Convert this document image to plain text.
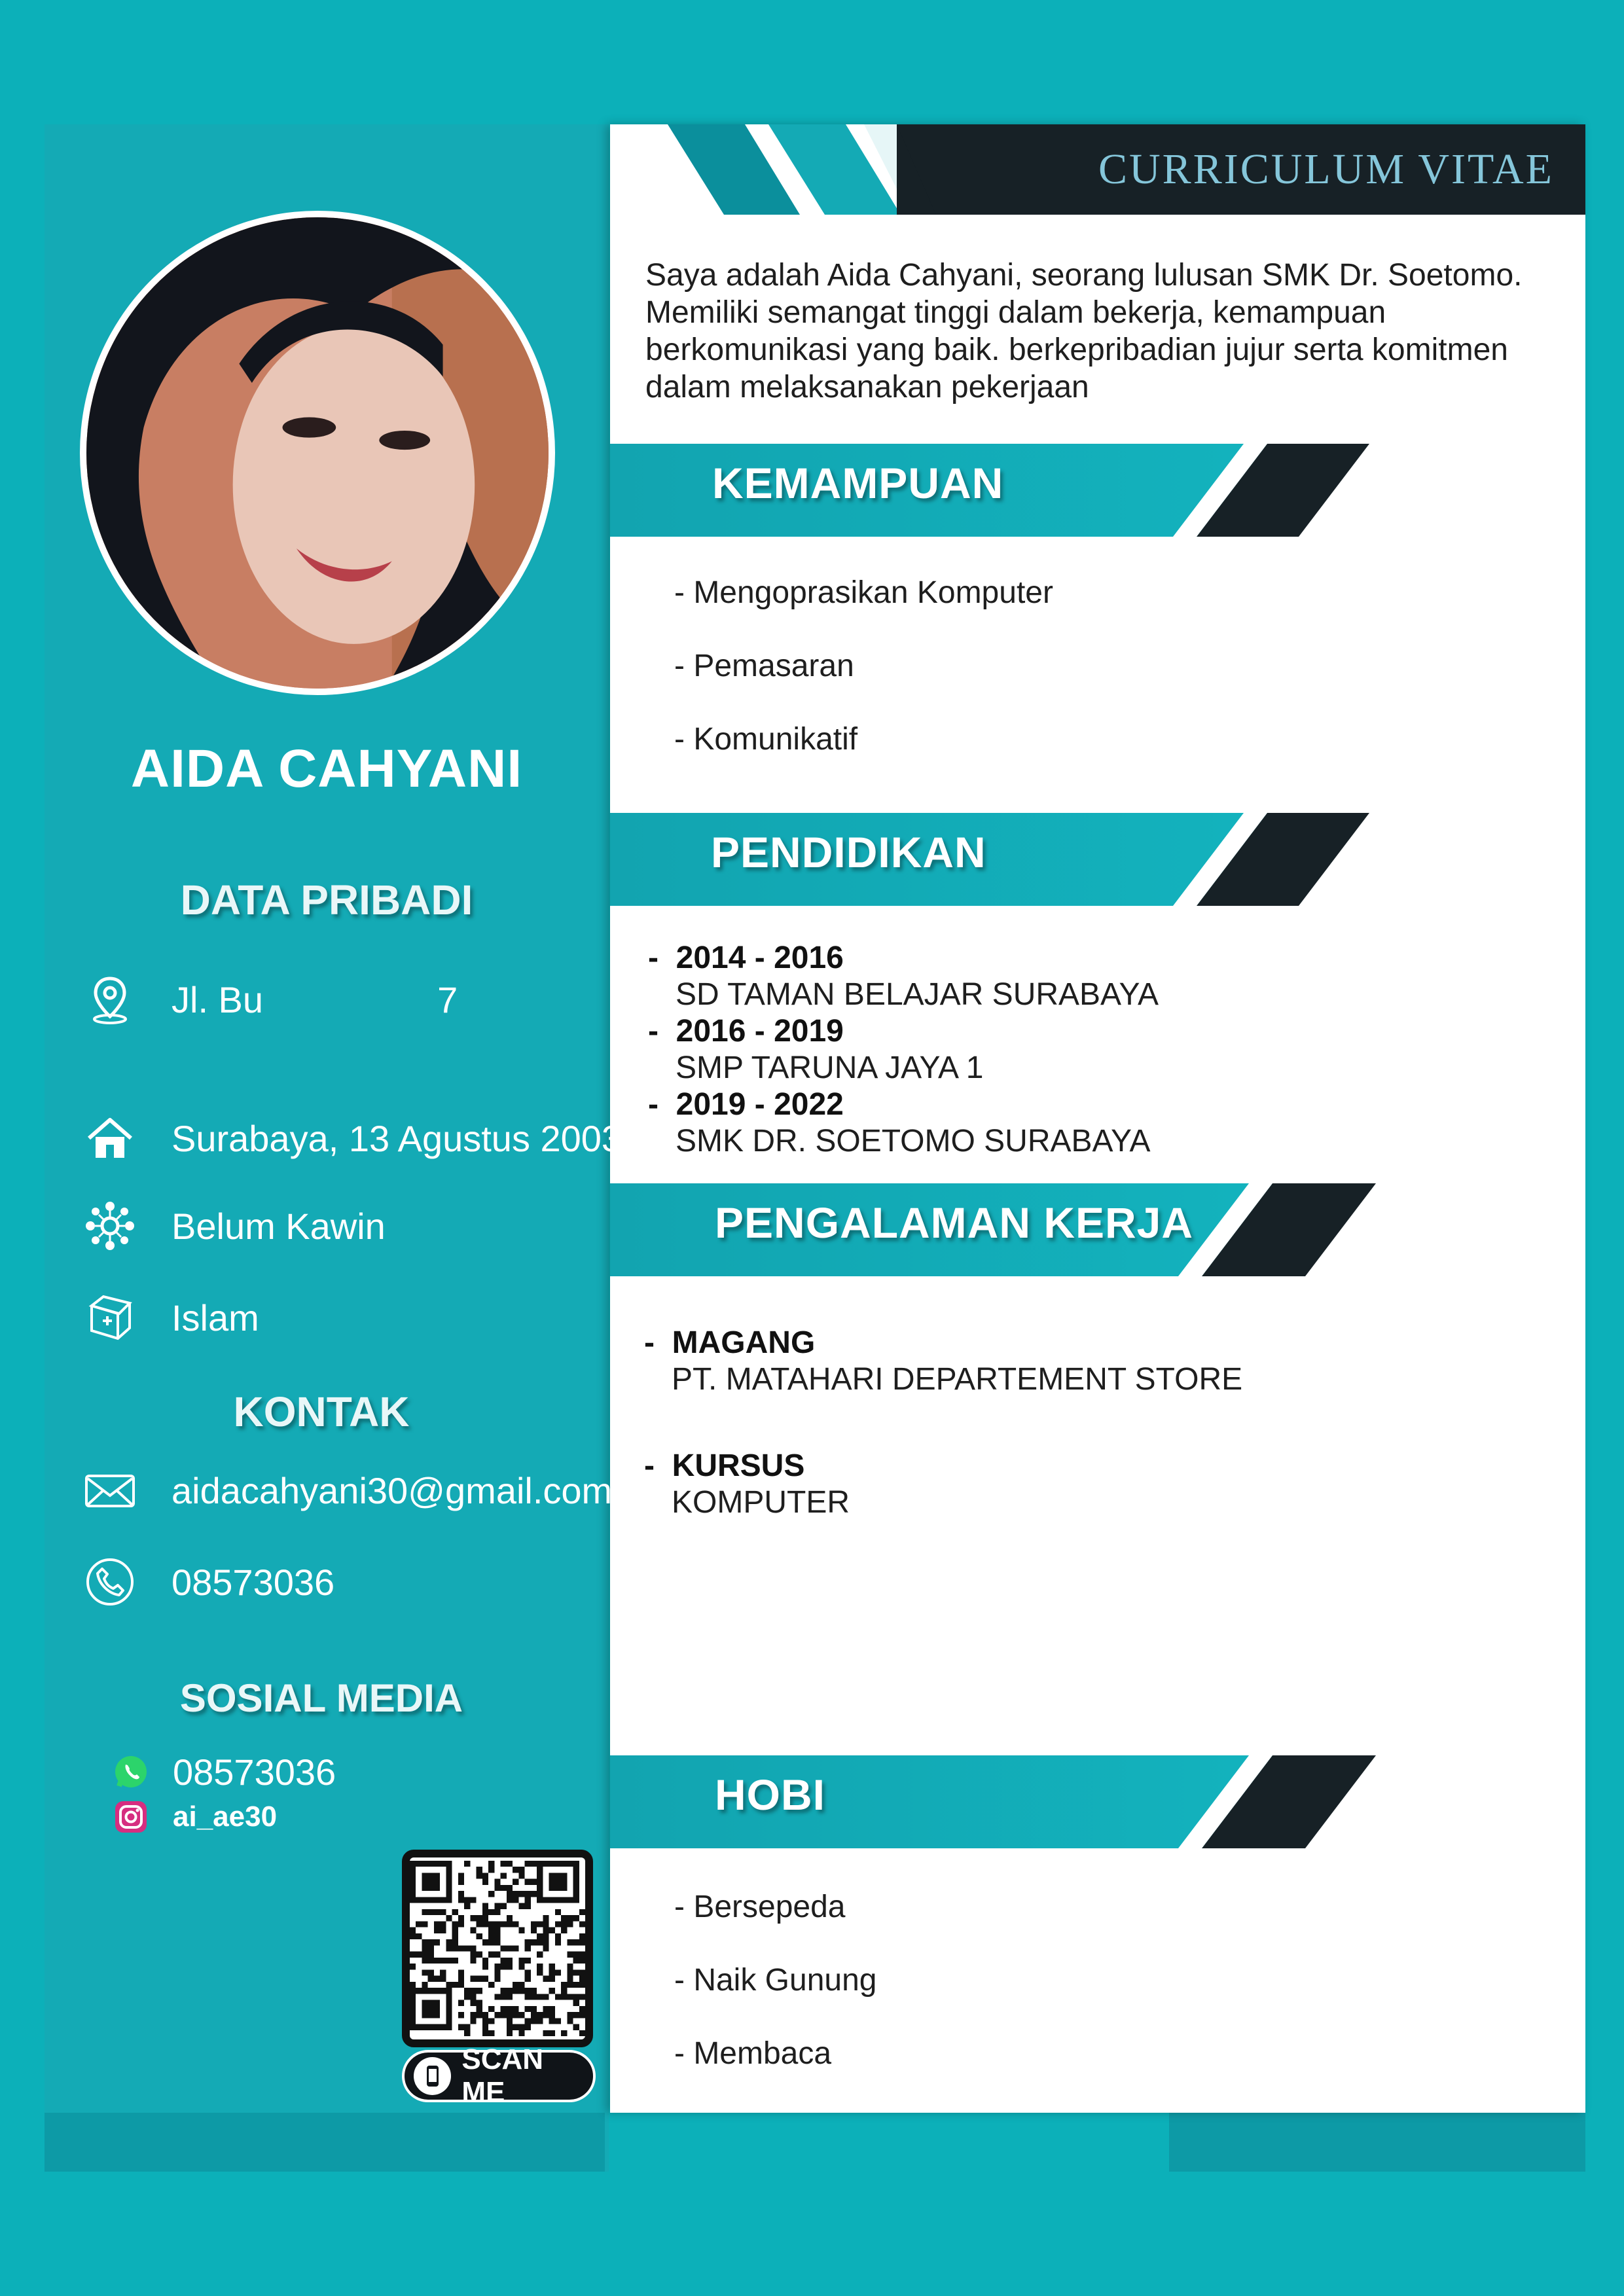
CURRICULUM VITAE
AIDA CAHYANI
DATA PRIBADI
Jl. Bu	7
Surabaya, 13 Agustus 2003
Belum Kawin
Islam
KONTAK
aidacahyani30@gmail.com
08573036
SOSIAL MEDIA
08573036
ai_ae30
SCAN ME
Saya adalah Aida Cahyani, seorang lulusan SMK Dr. Soetomo. Memiliki semangat tinggi dalam bekerja, kemampuan berkomunikasi yang baik. berkepribadian jujur serta komitmen dalam melaksanakan pekerjaan
KEMAMPUAN
- Mengoprasikan Komputer
- Pemasaran
- Komunikatif
PENDIDIKAN
-  2014 - 2016
SD TAMAN BELAJAR SURABAYA
-  2016 - 2019
SMP TARUNA JAYA 1
-  2019 - 2022
SMK DR. SOETOMO SURABAYA
PENGALAMAN KERJA
-  MAGANG
PT. MATAHARI DEPARTEMENT STORE
-  KURSUS
KOMPUTER
HOBI
- Bersepeda
- Naik Gunung
- Membaca
